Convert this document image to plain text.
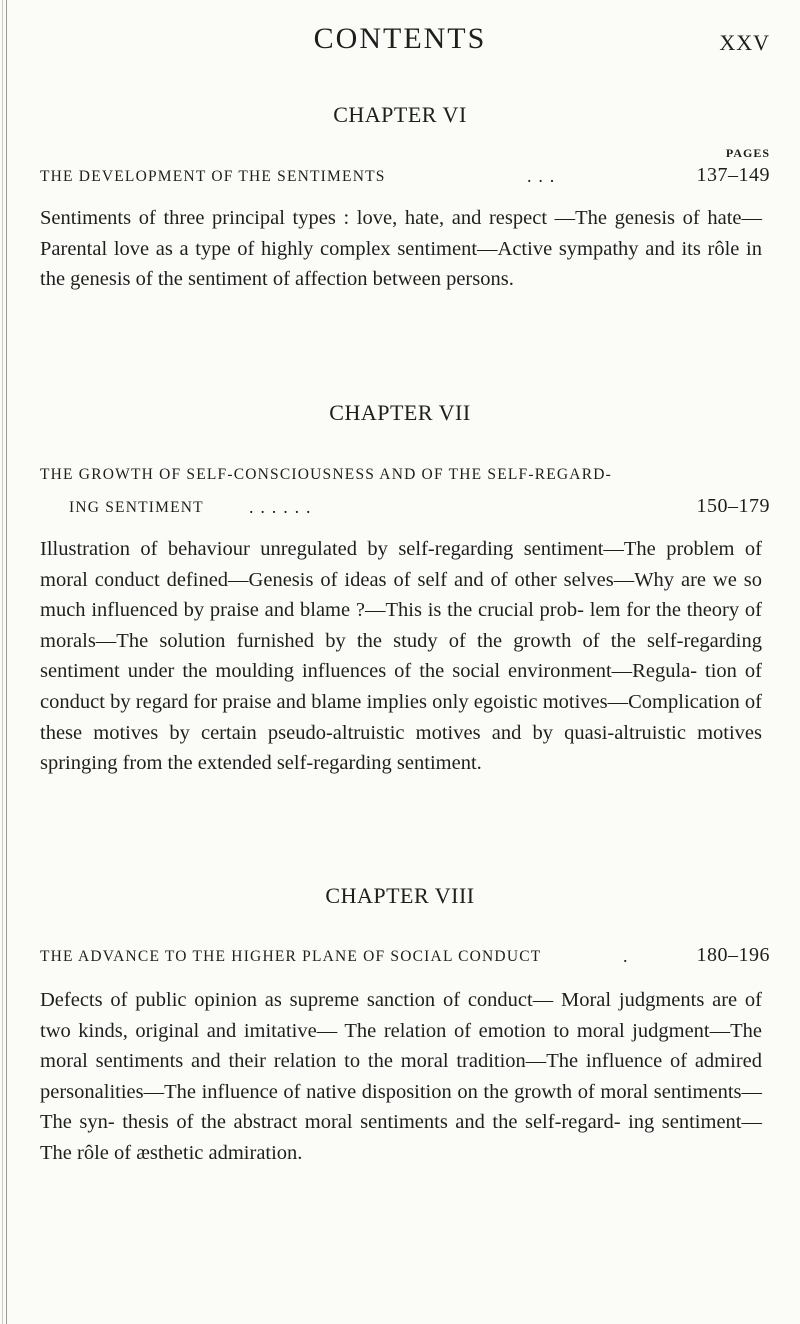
CONTENTS	XXV
CHAPTER VI
PAGES
THE DEVELOPMENT OF THE SENTIMENTS	. . .	137–149
Sentiments of three principal types : love, hate, and respect —The genesis of hate—Parental love as a type of highly complex sentiment—Active sympathy and its rôle in the genesis of the sentiment of affection between persons.
CHAPTER VII
THE GROWTH OF SELF-CONSCIOUSNESS AND OF THE SELF-REGARD-
ING SENTIMENT	. . . . . .	150–179
Illustration of behaviour unregulated by self-regarding sentiment—The problem of moral conduct defined—Genesis of ideas of self and of other selves—Why are we so much influenced by praise and blame ?—This is the crucial prob- lem for the theory of morals—The solution furnished by the study of the growth of the self-regarding sentiment under the moulding influences of the social environment—Regula- tion of conduct by regard for praise and blame implies only egoistic motives—Complication of these motives by certain pseudo-altruistic motives and by quasi-altruistic motives springing from the extended self-regarding sentiment.
CHAPTER VIII
THE ADVANCE TO THE HIGHER PLANE OF SOCIAL CONDUCT	.	180–196
Defects of public opinion as supreme sanction of conduct— Moral judgments are of two kinds, original and imitative— The relation of emotion to moral judgment—The moral sentiments and their relation to the moral tradition—The influence of admired personalities—The influence of native disposition on the growth of moral sentiments—The syn- thesis of the abstract moral sentiments and the self-regard- ing sentiment—The rôle of æsthetic admiration.
